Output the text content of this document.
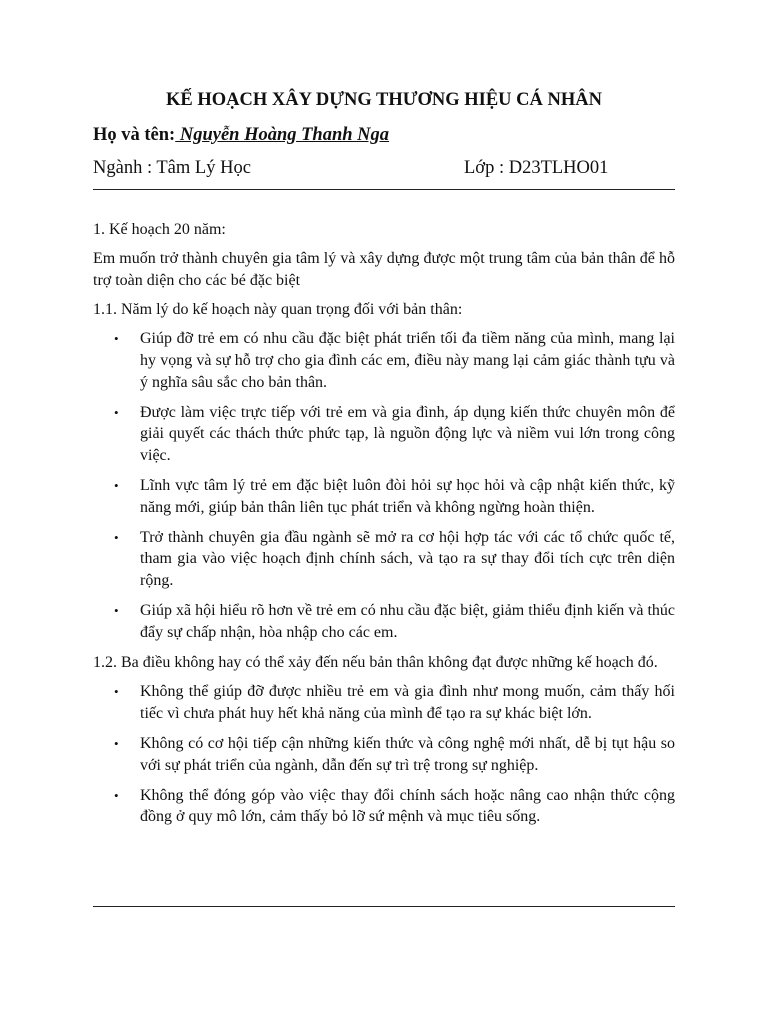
KẾ HOẠCH XÂY DỰNG THƯƠNG HIỆU CÁ NHÂN
Họ và tên: Nguyễn Hoàng Thanh Nga
Ngành : Tâm Lý Học	Lớp : D23TLHO01

1. Kế hoạch 20 năm:

Em muốn trở thành chuyên gia tâm lý và xây dựng được một trung tâm của bản thân để hỗ trợ toàn diện cho các bé đặc biệt

1.1. Năm lý do kế hoạch này quan trọng đối với bản thân:

• Giúp đỡ trẻ em có nhu cầu đặc biệt phát triển tối đa tiềm năng của mình, mang lại hy vọng và sự hỗ trợ cho gia đình các em, điều này mang lại cảm giác thành tựu và ý nghĩa sâu sắc cho bản thân.
• Được làm việc trực tiếp với trẻ em và gia đình, áp dụng kiến thức chuyên môn để giải quyết các thách thức phức tạp, là nguồn động lực và niềm vui lớn trong công việc.
• Lĩnh vực tâm lý trẻ em đặc biệt luôn đòi hỏi sự học hỏi và cập nhật kiến thức, kỹ năng mới, giúp bản thân liên tục phát triển và không ngừng hoàn thiện.
• Trở thành chuyên gia đầu ngành sẽ mở ra cơ hội hợp tác với các tổ chức quốc tế, tham gia vào việc hoạch định chính sách, và tạo ra sự thay đổi tích cực trên diện rộng.
• Giúp xã hội hiểu rõ hơn về trẻ em có nhu cầu đặc biệt, giảm thiểu định kiến và thúc đẩy sự chấp nhận, hòa nhập cho các em.

1.2. Ba điều không hay có thể xảy đến nếu bản thân không đạt được những kế hoạch đó.

• Không thể giúp đỡ được nhiều trẻ em và gia đình như mong muốn, cảm thấy hối tiếc vì chưa phát huy hết khả năng của mình để tạo ra sự khác biệt lớn.
• Không có cơ hội tiếp cận những kiến thức và công nghệ mới nhất, dễ bị tụt hậu so với sự phát triển của ngành, dẫn đến sự trì trệ trong sự nghiệp.
• Không thể đóng góp vào việc thay đổi chính sách hoặc nâng cao nhận thức cộng đồng ở quy mô lớn, cảm thấy bỏ lỡ sứ mệnh và mục tiêu sống.
